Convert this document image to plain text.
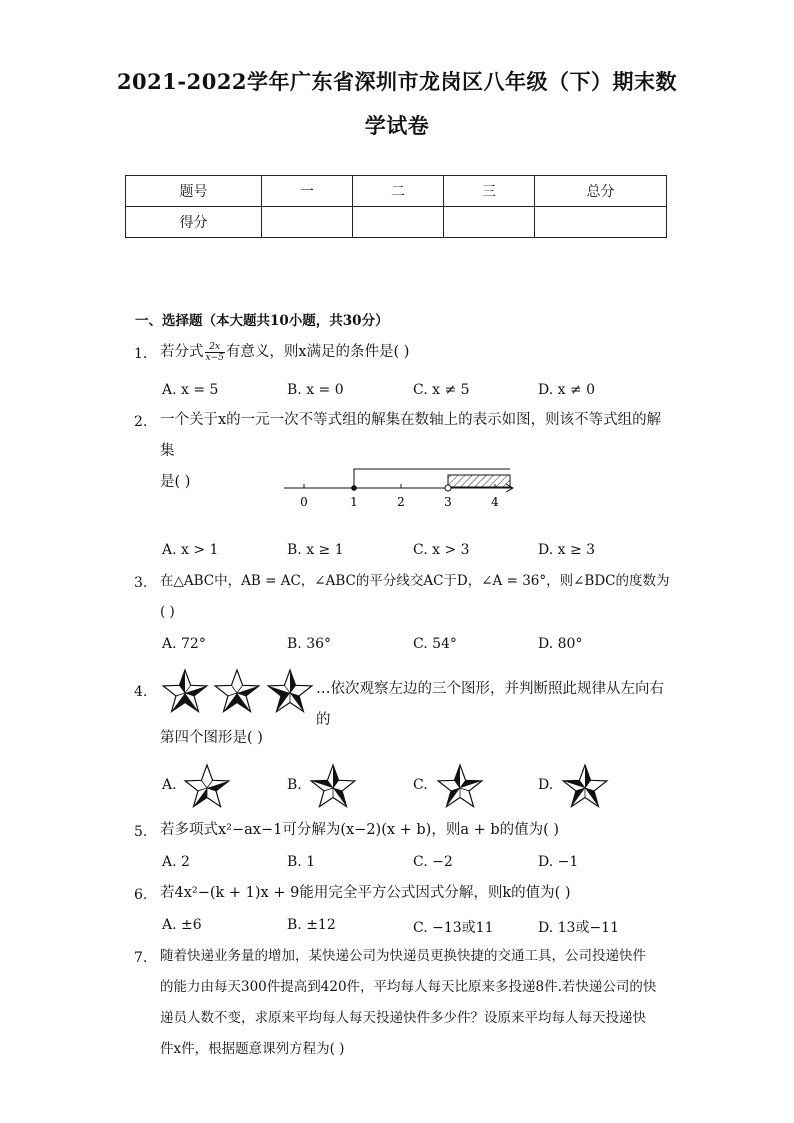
2021-2022学年广东省深圳市龙岗区八年级（下）期末数
学试卷
题号	一	二	三	总分
得分				
一、选择题（本大题共10小题，共30分）
1. 若分式 $\frac{2x}{x-5}$ 有意义，则x满足的条件是( )
A. x = 5	B. x = 0	C. x ≠ 5	D. x ≠ 0
2. 一个关于x的一元一次不等式组的解集在数轴上的表示如图，则该不等式组的解集
是( )
0	1	2	3	4
A. x > 1	B. x ≥ 1	C. x > 3	D. x ≥ 3
3. 在△ABC中，AB = AC，∠ABC的平分线交AC于D，∠A = 36°，则∠BDC的度数为
( )
A. 72°	B. 36°	C. 54°	D. 80°
4.	…依次观察左边的三个图形，并判断照此规律从左向右的
第四个图形是( )
A.	B.	C.	D.
5. 若多项式x²−ax−1可分解为(x−2)(x + b)，则a + b的值为( )
A. 2	B. 1	C. −2	D. −1
6. 若4x²−(k + 1)x + 9能用完全平方公式因式分解，则k的值为( )
A. ±6	B. ±12	C. −13或11	D. 13或−11
7. 随着快递业务量的增加，某快递公司为快递员更换快捷的交通工具，公司投递快件
的能力由每天300件提高到420件，平均每人每天比原来多投递8件.若快递公司的快
递员人数不变，求原来平均每人每天投递快件多少件？设原来平均每人每天投递快
件x件，根据题意课列方程为( )
